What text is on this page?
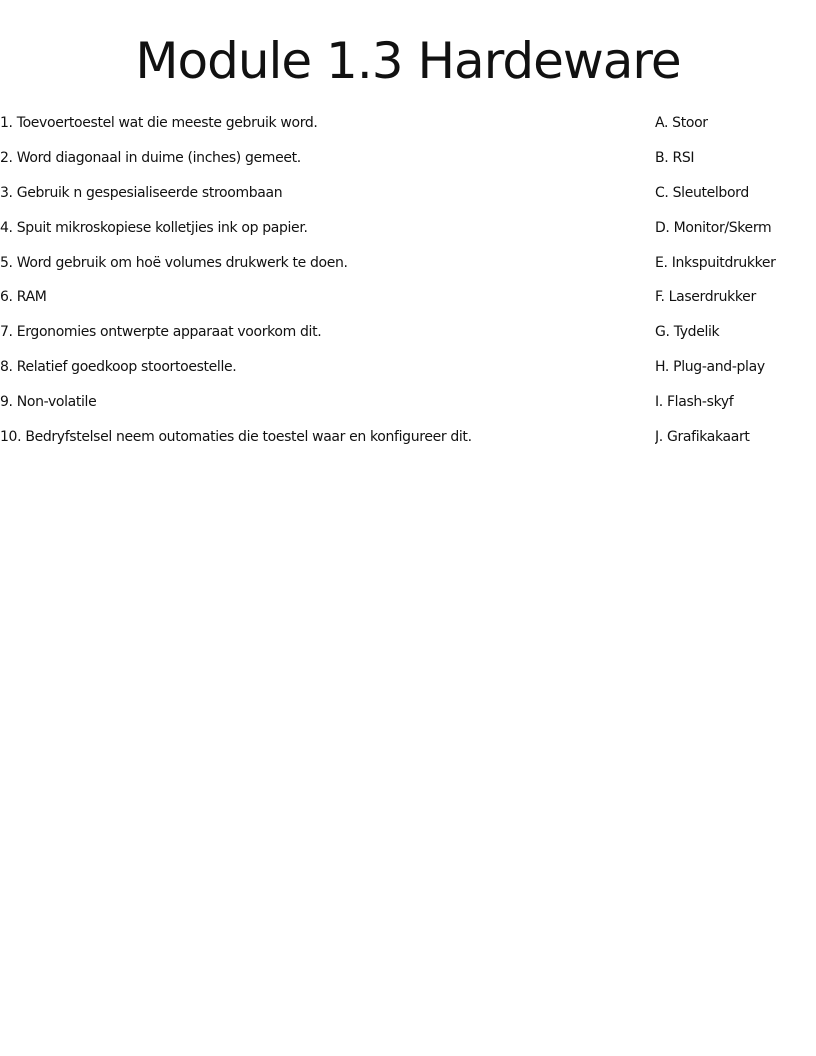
Module 1.3 Hardeware
1. Toevoertoestel wat die meeste gebruik word.
2. Word diagonaal in duime (inches) gemeet.
3. Gebruik n gespesialiseerde stroombaan
4. Spuit mikroskopiese kolletjies ink op papier.
5. Word gebruik om hoë volumes drukwerk te doen.
6. RAM
7. Ergonomies ontwerpte apparaat voorkom dit.
8. Relatief goedkoop stoortoestelle.
9. Non-volatile
10. Bedryfstelsel neem outomaties die toestel waar en konfigureer dit.
A. Stoor
B. RSI
C. Sleutelbord
D. Monitor/Skerm
E. Inkspuitdrukker
F. Laserdrukker
G. Tydelik
H. Plug-and-play
I. Flash-skyf
J. Grafikakaart
